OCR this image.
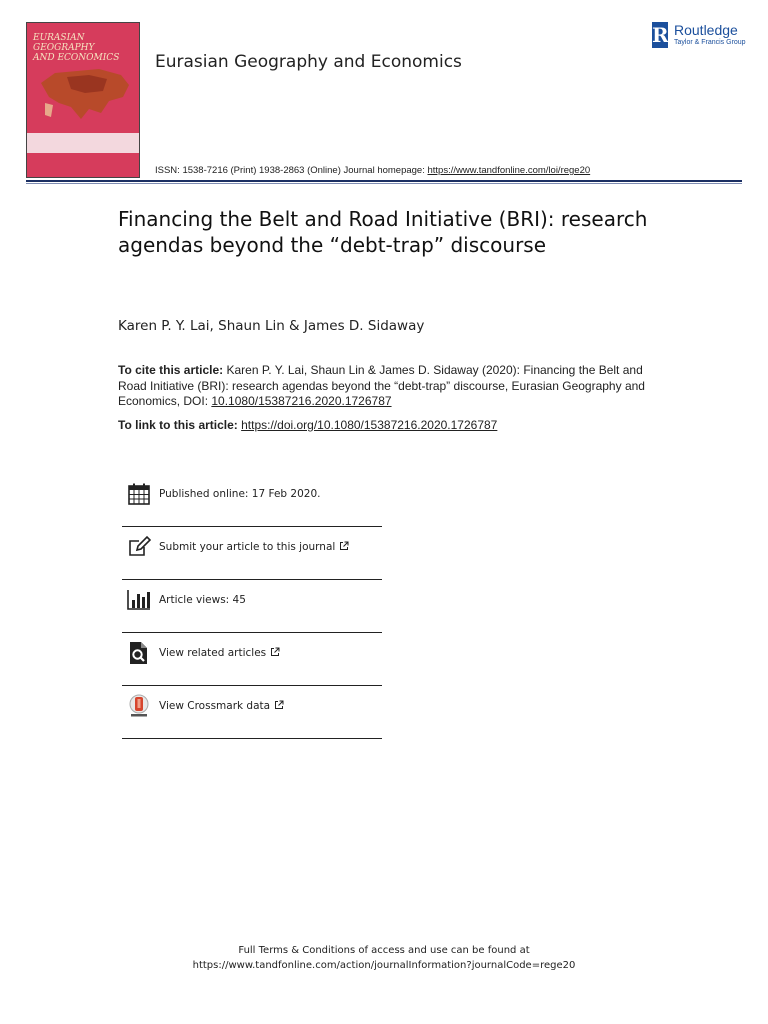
EURASIAN
GEOGRAPHY
AND ECONOMICS	Eurasian Geography and Economics
R Routledge
Taylor & Francis Group
ISSN: 1538-7216 (Print) 1938-2863 (Online) Journal homepage: https://www.tandfonline.com/loi/rege20
Financing the Belt and Road Initiative (BRI): research agendas beyond the “debt-trap” discourse
Karen P. Y. Lai, Shaun Lin & James D. Sidaway
To cite this article: Karen P. Y. Lai, Shaun Lin & James D. Sidaway (2020): Financing the Belt and Road Initiative (BRI): research agendas beyond the “debt-trap” discourse, Eurasian Geography and Economics, DOI: 10.1080/15387216.2020.1726787
To link to this article: https://doi.org/10.1080/15387216.2020.1726787
Published online: 17 Feb 2020.
Submit your article to this journal
Article views: 45
View related articles
View Crossmark data
Full Terms & Conditions of access and use can be found at
https://www.tandfonline.com/action/journalInformation?journalCode=rege20
